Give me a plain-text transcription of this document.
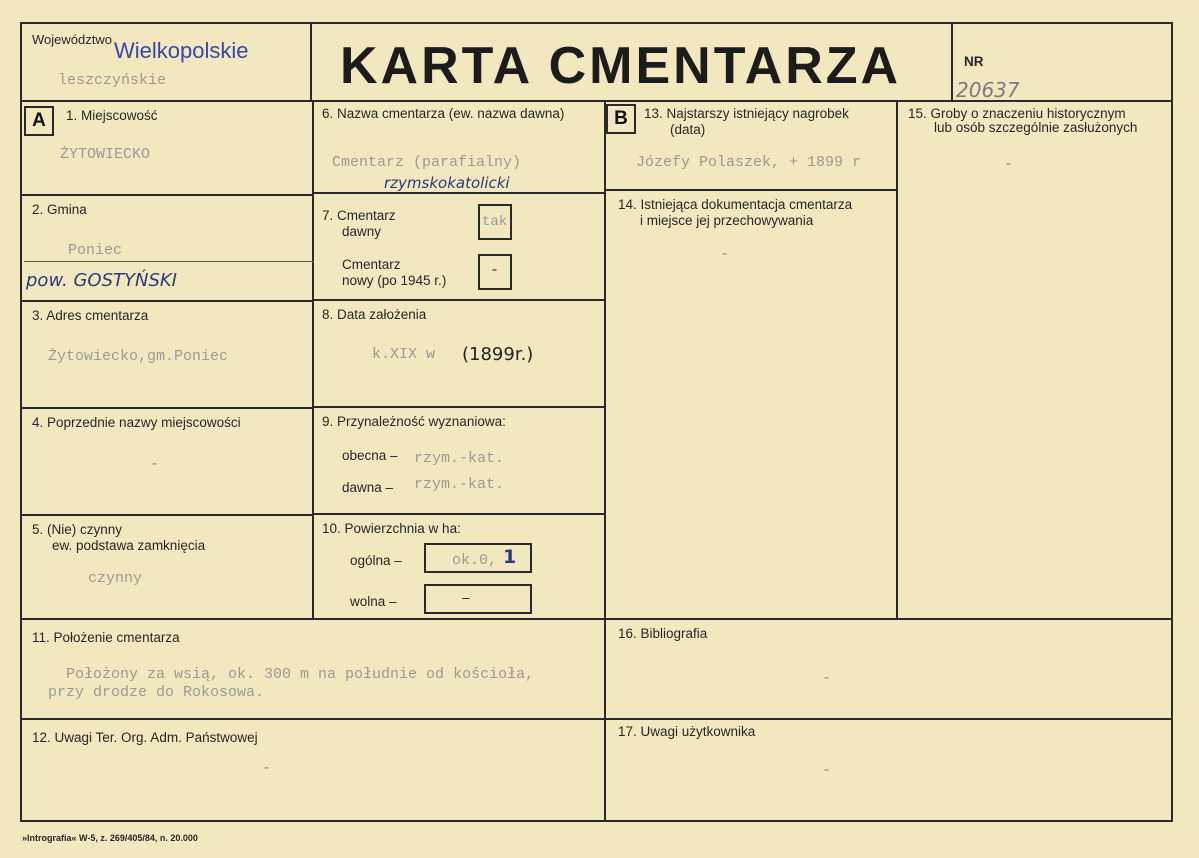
Województwo Wielkopolskie
leszczyńskie	KARTA CMENTARZA	NR
20637
A	B
1. Miejscowość
ŻYTOWIECKO
2. Gmina
Poniec
pow. GOSTYŃSKI
3. Adres cmentarza
Żytowiecko,gm.Poniec
4. Poprzednie nazwy miejscowości
-
5. (Nie) czynny
ew. podstawa zamknięcia
czynny
6. Nazwa cmentarza (ew. nazwa dawna)
Cmentarz (parafialny)
rzymskokatolicki
7. Cmentarz
dawny
tak
Cmentarz
nowy (po 1945 r.)
-
8. Data założenia
k.XIX w (1899r.)
9. Przynależność wyznaniowa:
obecna – rzym.-kat.
dawna – rzym.-kat.
10. Powierzchnia w ha:
ogólna –	ok.0, 1
wolna –	–
11. Położenie cmentarza
Położony za wsią, ok. 300 m na południe od kościoła,
przy drodze do Rokosowa.
12. Uwagi Ter. Org. Adm. Państwowej
-
13. Najstarszy istniejący nagrobek
(data)
Józefy Polaszek, + 1899 r
14. Istniejąca dokumentacja cmentarza
i miejsce jej przechowywania
-
15. Groby o znaczeniu historycznym
lub osób szczególnie zasłużonych
-
16. Bibliografia
-
17. Uwagi użytkownika
-
»Intrografia« W-5, z. 269/405/84, n. 20.000
